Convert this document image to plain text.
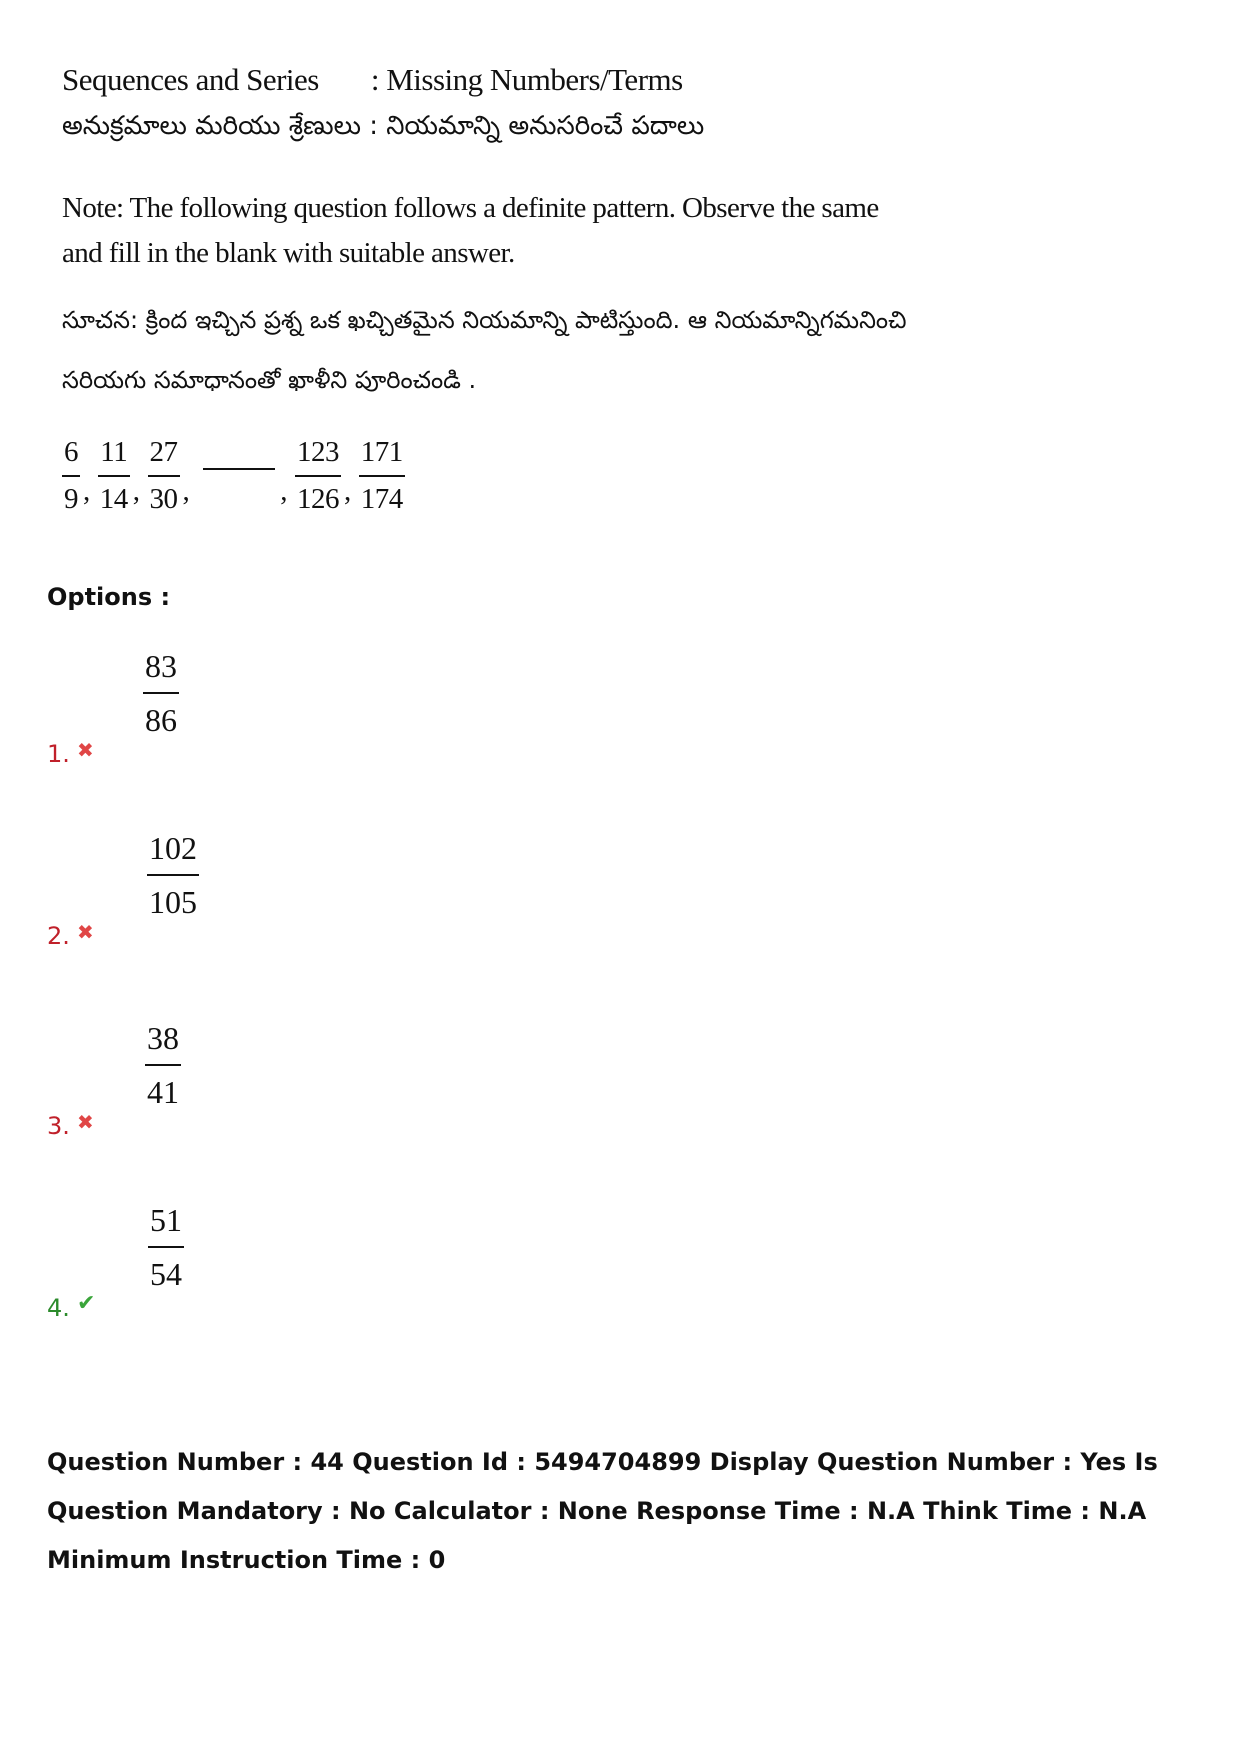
Sequences and Series : Missing Numbers/Terms
అనుక్రమాలు మరియు శ్రేణులు : నియమాన్ని అనుసరించే పదాలు
Note: The following question follows a definite pattern. Observe the same and fill in the blank with suitable answer.
సూచన: క్రింద ఇచ్చిన ప్రశ్న ఒక ఖచ్చితమైన నియమాన్ని పాటిస్తుంది. ఆ నియమాన్నిగమనించి సరియగు సమాధానంతో ఖాళీని పూరించండి .
$\frac{6}{9}$ , $\frac{11}{14}$ , $\frac{27}{30}$ ,	, $\frac{123}{126}$ , $\frac{171}{174}$
Options :
1. ✖
$\frac{83}{86}$
2. ✖
$\frac{102}{105}$
3. ✖
$\frac{38}{41}$
4. ✔
$\frac{51}{54}$
Question Number : 44 Question Id : 5494704899 Display Question Number : Yes Is Question Mandatory : No Calculator : None Response Time : N.A Think Time : N.A Minimum Instruction Time : 0
